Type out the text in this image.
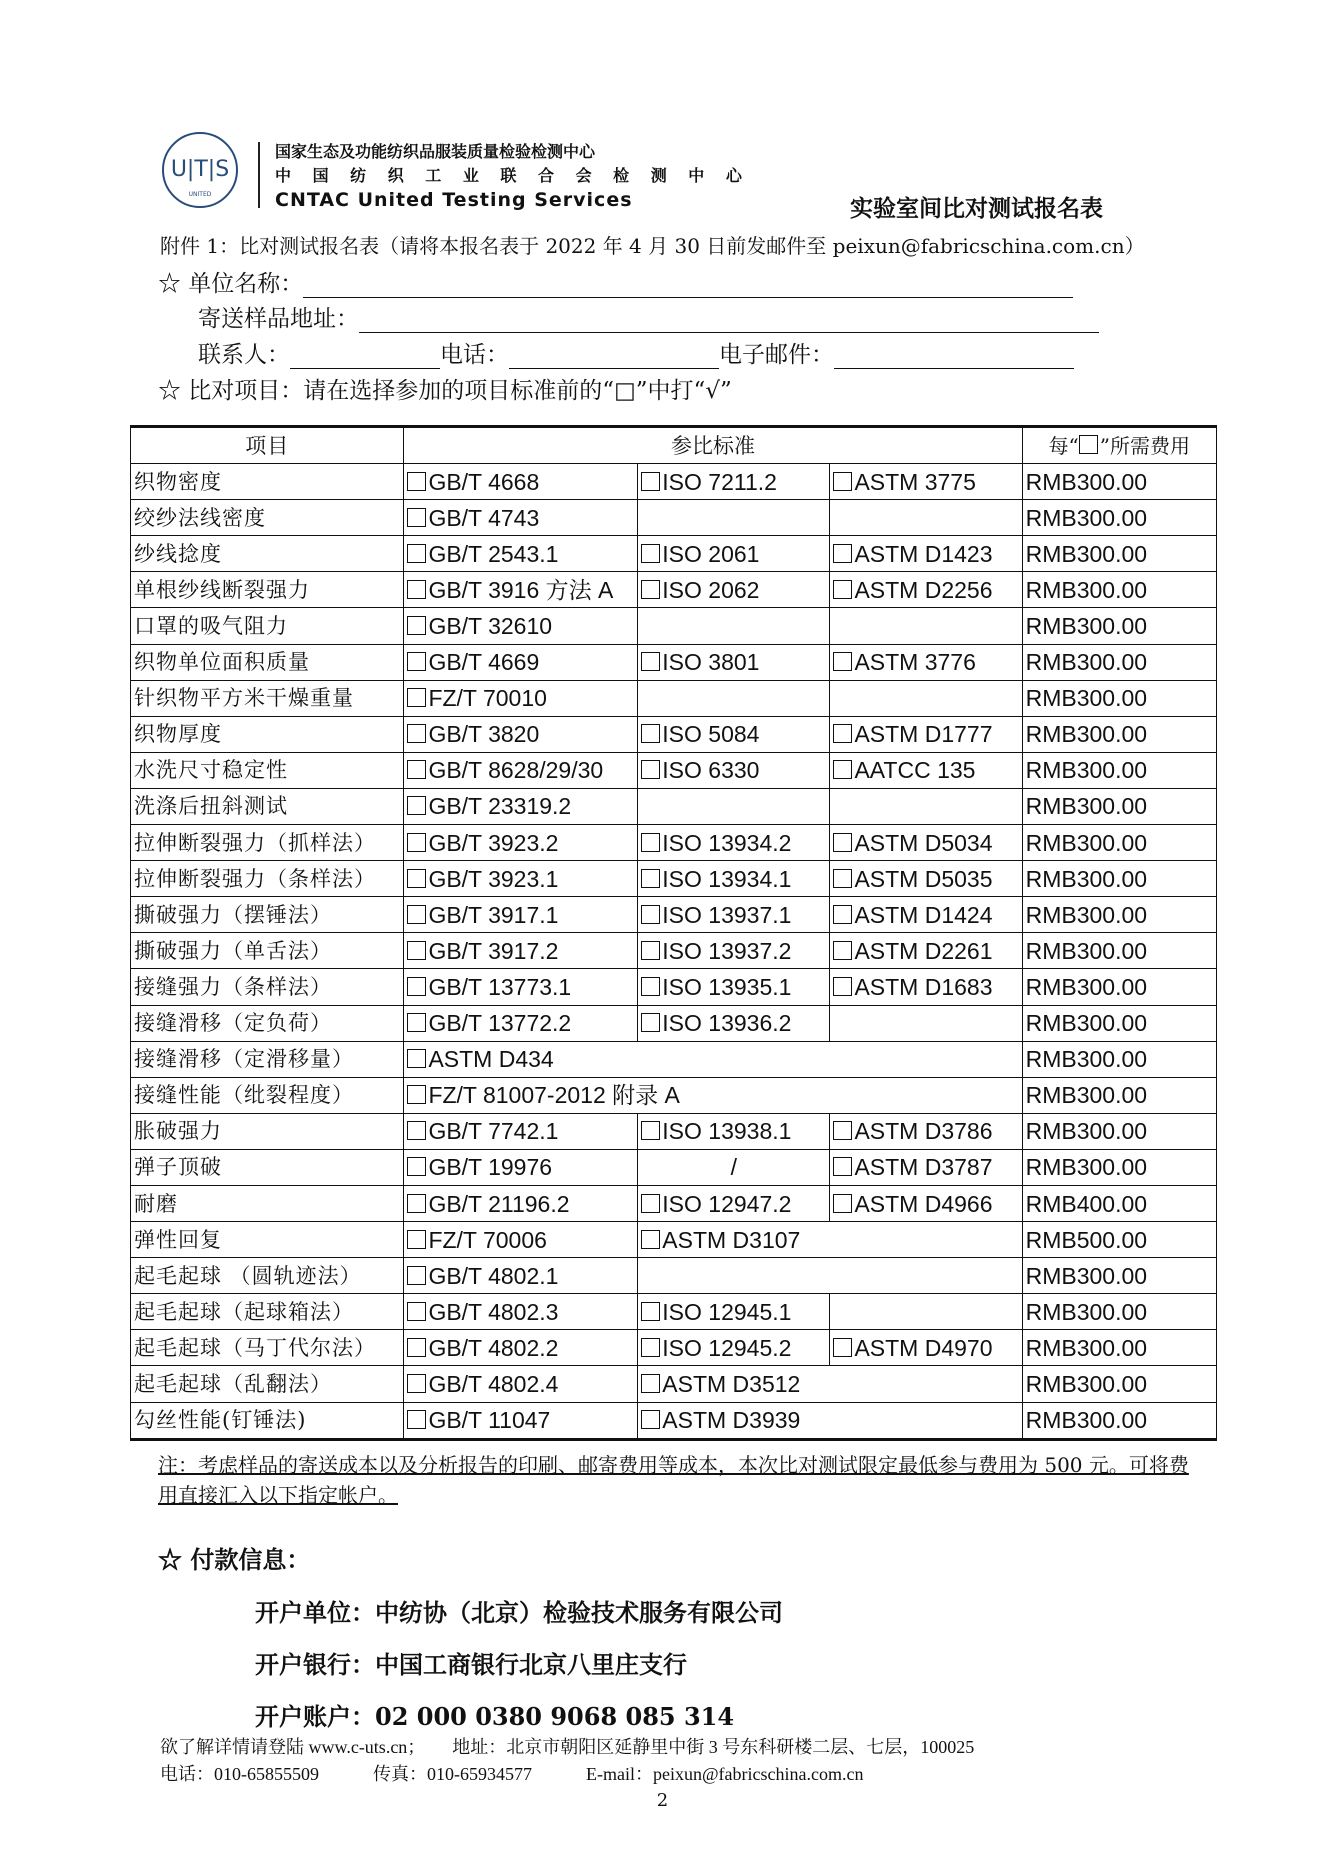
U|T|S
UNITED
国家生态及功能纺织品服装质量检验检测中心
中 国 纺 织 工 业 联 合 会 检 测 中 心
CNTAC United Testing Services	实验室间比对测试报名表
附件 1：比对测试报名表（请将本报名表于 2022 年 4 月 30 日前发邮件至 peixun@fabricschina.com.cn）
☆ 单位名称：
寄送样品地址：
联系人：	电话：	电子邮件：
☆ 比对项目：请在选择参加的项目标准前的“□”中打“√”
项目	参比标准			每“ ”所需费用
织物密度	GB/T 4668	ISO 7211.2	ASTM 3775	RMB300.00
绞纱法线密度	GB/T 4743			RMB300.00
纱线捻度	GB/T 2543.1	ISO 2061	ASTM D1423	RMB300.00
单根纱线断裂强力	GB/T 3916 方法 A	ISO 2062	ASTM D2256	RMB300.00
口罩的吸气阻力	GB/T 32610			RMB300.00
织物单位面积质量	GB/T 4669	ISO 3801	ASTM 3776	RMB300.00
针织物平方米干燥重量	FZ/T 70010			RMB300.00
织物厚度	GB/T 3820	ISO 5084	ASTM D1777	RMB300.00
水洗尺寸稳定性	GB/T 8628/29/30	ISO 6330	AATCC 135	RMB300.00
洗涤后扭斜测试	GB/T 23319.2			RMB300.00
拉伸断裂强力（抓样法）	GB/T 3923.2	ISO 13934.2	ASTM D5034	RMB300.00
拉伸断裂强力（条样法）	GB/T 3923.1	ISO 13934.1	ASTM D5035	RMB300.00
撕破强力（摆锤法）	GB/T 3917.1	ISO 13937.1	ASTM D1424	RMB300.00
撕破强力（单舌法）	GB/T 3917.2	ISO 13937.2	ASTM D2261	RMB300.00
接缝强力（条样法）	GB/T 13773.1	ISO 13935.1	ASTM D1683	RMB300.00
接缝滑移（定负荷）	GB/T 13772.2	ISO 13936.2		RMB300.00
接缝滑移（定滑移量）	ASTM D434			RMB300.00
接缝性能（纰裂程度）	FZ/T 81007-2012 附录 A			RMB300.00
胀破强力	GB/T 7742.1	ISO 13938.1	ASTM D3786	RMB300.00
弹子顶破	GB/T 19976	/	ASTM D3787	RMB300.00
耐磨	GB/T 21196.2	ISO 12947.2	ASTM D4966	RMB400.00
弹性回复	FZ/T 70006	ASTM D3107		RMB500.00
起毛起球 （圆轨迹法）	GB/T 4802.1			RMB300.00
起毛起球（起球箱法）	GB/T 4802.3	ISO 12945.1		RMB300.00
起毛起球（马丁代尔法）	GB/T 4802.2	ISO 12945.2	ASTM D4970	RMB300.00
起毛起球（乱翻法）	GB/T 4802.4	ASTM D3512		RMB300.00
勾丝性能(钉锤法)	GB/T 11047	ASTM D3939		RMB300.00
注：考虑样品的寄送成本以及分析报告的印刷、邮寄费用等成本，本次比对测试限定最低参与费用为 500 元。可将费用直接汇入以下指定帐户。
☆ 付款信息：
开户单位：中纺协（北京）检验技术服务有限公司
开户银行：中国工商银行北京八里庄支行
开户账户：02 000 0380 9068 085 314
欲了解详情请登陆 www.c-uts.cn；　　地址：北京市朝阳区延静里中街 3 号东科研楼二层、七层，100025
电话：010-65855509　　　传真：010-65934577　　　E-mail：peixun@fabricschina.com.cn
2
